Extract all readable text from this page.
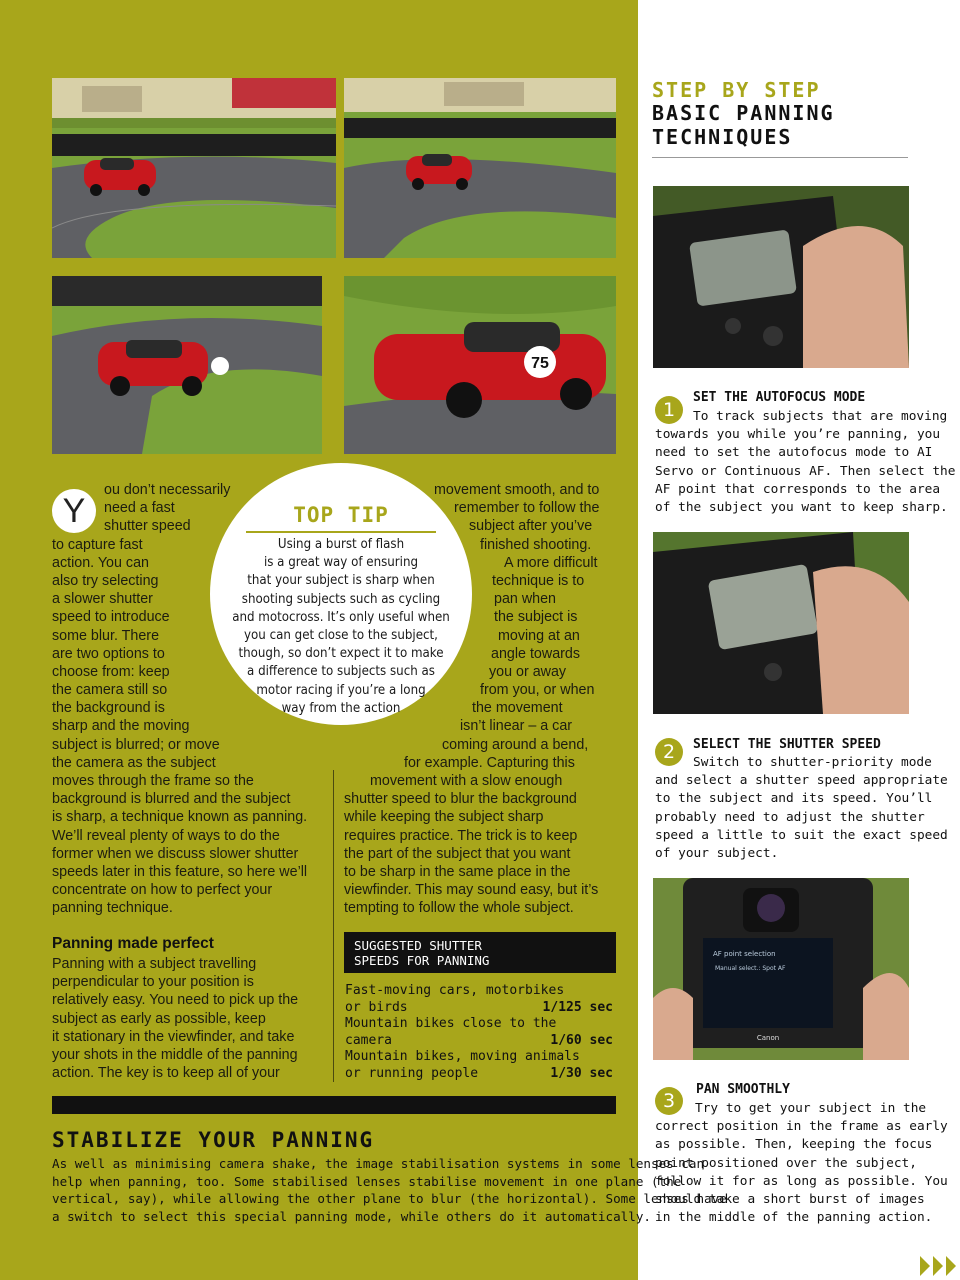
75
Y
ou don’t necessarily
need a fast
shutter speed
to capture fast
action. You can
also try selecting
a slower shutter
speed to introduce
some blur. There
are two options to
choose from: keep
the camera still so
the background is
sharp and the moving
subject is blurred; or move
the camera as the subject
moves through the frame so the
background is blurred and the subject
is sharp, a technique known as panning.
We’ll reveal plenty of ways to do the
former when we discuss slower shutter
speeds later in this feature, so here we’ll
concentrate on how to perfect your
panning technique.
movement smooth, and to
remember to follow the
subject after you’ve
finished shooting.
A more difficult
technique is to
pan when
the subject is
moving at an
angle towards
you or away
from you, or when
the movement
isn’t linear – a car
coming around a bend,
for example. Capturing this
movement with a slow enough
shutter speed to blur the background
while keeping the subject sharp
requires practice. The trick is to keep
the part of the subject that you want
to be sharp in the same place in the
viewfinder. This may sound easy, but it’s
tempting to follow the whole subject.
TOP TIP
Using a burst of flash
is a great way of ensuring
that your subject is sharp when
shooting subjects such as cycling
and motocross. It’s only useful when
you can get close to the subject,
though, so don’t expect it to make
a difference to subjects such as
motor racing if you’re a long
way from the action
Panning made perfect
Panning with a subject travelling
perpendicular to your position is
relatively easy. You need to pick up the
subject as early as possible, keep
it stationary in the viewfinder, and take
your shots in the middle of the panning
action. The key is to keep all of your
SUGGESTED SHUTTER
SPEEDS FOR PANNING
Fast-moving cars, motorbikes
or birds	1/125 sec
Mountain bikes close to the
camera	1/60 sec
Mountain bikes, moving animals
or running people	1/30 sec
STABILIZE YOUR PANNING
As well as minimising camera shake, the image stabilisation systems in some lenses can
help when panning, too. Some stabilised lenses stabilise movement in one plane (the
vertical, say), while allowing the other plane to blur (the horizontal). Some lenses have
a switch to select this special panning mode, while others do it automatically.
STEP BY STEP
BASIC PANNING
TECHNIQUES
AF point selection
Manual select.: Spot AF
Canon
1
SET THE AUTOFOCUS MODE
To track subjects that are moving
towards you while you’re panning, you
need to set the autofocus mode to AI
Servo or Continuous AF. Then select the
AF point that corresponds to the area
of the subject you want to keep sharp.
2	SELECT THE SHUTTER SPEED
Switch to shutter-priority mode
and select a shutter speed appropriate
to the subject and its speed. You’ll
probably need to adjust the shutter
speed a little to suit the exact speed
of your subject.
3
PAN SMOOTHLY
Try to get your subject in the
correct position in the frame as early
as possible. Then, keeping the focus
point positioned over the subject,
follow it for as long as possible. You
should take a short burst of images
in the middle of the panning action.
